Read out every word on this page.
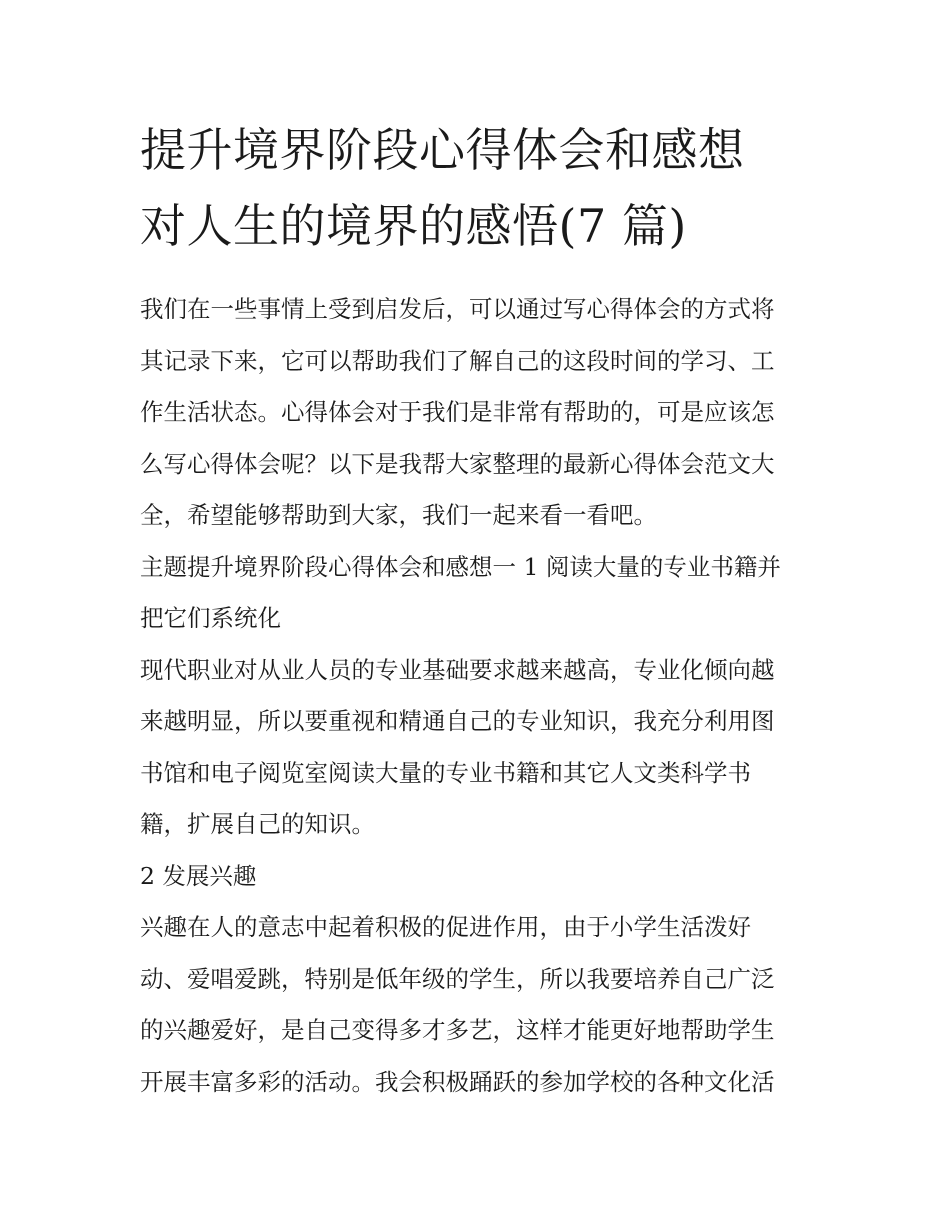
提升境界阶段心得体会和感想
对人生的境界的感悟(7 篇)

我们在一些事情上受到启发后，可以通过写心得体会的方式将
其记录下来，它可以帮助我们了解自己的这段时间的学习、工
作生活状态。心得体会对于我们是非常有帮助的，可是应该怎
么写心得体会呢？以下是我帮大家整理的最新心得体会范文大
全，希望能够帮助到大家，我们一起来看一看吧。

主题提升境界阶段心得体会和感想一 1 阅读大量的专业书籍并
把它们系统化

现代职业对从业人员的专业基础要求越来越高，专业化倾向越
来越明显，所以要重视和精通自己的专业知识，我充分利用图
书馆和电子阅览室阅读大量的专业书籍和其它人文类科学书
籍，扩展自己的知识。

2 发展兴趣

兴趣在人的意志中起着积极的促进作用，由于小学生活泼好
动、爱唱爱跳，特别是低年级的学生，所以我要培养自己广泛
的兴趣爱好，是自己变得多才多艺，这样才能更好地帮助学生
开展丰富多彩的活动。我会积极踊跃的参加学校的各种文化活
